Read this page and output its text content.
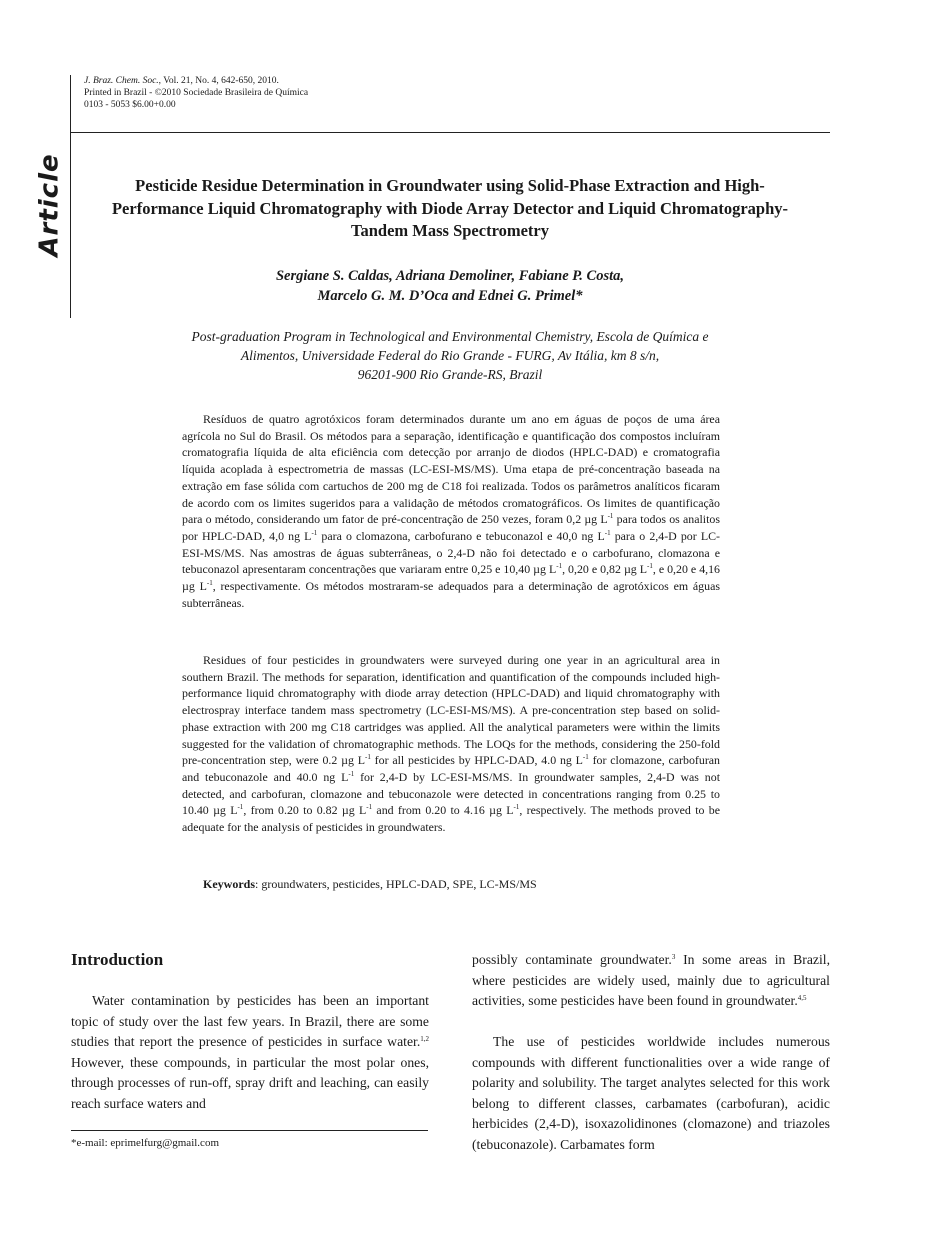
J. Braz. Chem. Soc., Vol. 21, No. 4, 642-650, 2010.
Printed in Brazil - ©2010 Sociedade Brasileira de Química
0103 - 5053 $6.00+0.00
Article	Pesticide Residue Determination in Groundwater using Solid-Phase Extraction and High-Performance Liquid Chromatography with Diode Array Detector and Liquid Chromatography-Tandem Mass Spectrometry
Sergiane S. Caldas, Adriana Demoliner, Fabiane P. Costa,
Marcelo G. M. D’Oca and Ednei G. Primel*
Post-graduation Program in Technological and Environmental Chemistry, Escola de Química e
Alimentos, Universidade Federal do Rio Grande - FURG, Av Itália, km 8 s/n,
96201-900 Rio Grande-RS, Brazil
Resíduos de quatro agrotóxicos foram determinados durante um ano em águas de poços de uma área agrícola no Sul do Brasil. Os métodos para a separação, identificação e quantificação dos compostos incluíram cromatografia líquida de alta eficiência com detecção por arranjo de diodos (HPLC-DAD) e cromatografia líquida acoplada à espectrometria de massas (LC-ESI-MS/MS). Uma etapa de pré-concentração baseada na extração em fase sólida com cartuchos de 200 mg de C18 foi realizada. Todos os parâmetros analíticos ficaram de acordo com os limites sugeridos para a validação de métodos cromatográficos. Os limites de quantificação para o método, considerando um fator de pré-concentração de 250 vezes, foram 0,2 µg $L^{-1}$ para todos os analitos por HPLC-DAD, 4,0 ng $L^{-1}$ para o clomazona, carbofurano e tebuconazol e 40,0 ng $L^{-1}$ para o 2,4-D por LC-ESI-MS/MS. Nas amostras de águas subterrâneas, o 2,4-D não foi detectado e o carbofurano, clomazona e tebuconazol apresentaram concentrações que variaram entre 0,25 e 10,40 µg $L^{-1}$, 0,20 e 0,82 µg $L^{-1}$, e 0,20 e 4,16 µg $L^{-1}$, respectivamente. Os métodos mostraram-se adequados para a determinação de agrotóxicos em águas subterrâneas.
Residues of four pesticides in groundwaters were surveyed during one year in an agricultural area in southern Brazil. The methods for separation, identification and quantification of the compounds included high-performance liquid chromatography with diode array detection (HPLC-DAD) and liquid chromatography with electrospray interface tandem mass spectrometry (LC-ESI-MS/MS). A pre-concentration step based on solid-phase extraction with 200 mg C18 cartridges was applied. All the analytical parameters were within the limits suggested for the validation of chromatographic methods. The LOQs for the methods, considering the 250-fold pre-concentration step, were 0.2 µg $L^{-1}$ for all pesticides by HPLC-DAD, 4.0 ng $L^{-1}$ for clomazone, carbofuran and tebuconazole and 40.0 ng $L^{-1}$ for 2,4-D by LC-ESI-MS/MS. In groundwater samples, 2,4-D was not detected, and carbofuran, clomazone and tebuconazole were detected in concentrations ranging from 0.25 to 10.40 µg $L^{-1}$, from 0.20 to 0.82 µg $L^{-1}$ and from 0.20 to 4.16 µg $L^{-1}$, respectively. The methods proved to be adequate for the analysis of pesticides in groundwaters.
Keywords: groundwaters, pesticides, HPLC-DAD, SPE, LC-MS/MS
Introduction
Water contamination by pesticides has been an important topic of study over the last few years. In Brazil, there are some studies that report the presence of pesticides in surface water.$^{1,2}$ However, these compounds, in particular the most polar ones, through processes of run-off, spray drift and leaching, can easily reach surface waters and
*e-mail: eprimelfurg@gmail.com
possibly contaminate groundwater.$^3$ In some areas in Brazil, where pesticides are widely used, mainly due to agricultural activities, some pesticides have been found in groundwater.$^{4,5}$
The use of pesticides worldwide includes numerous compounds with different functionalities over a wide range of polarity and solubility. The target analytes selected for this work belong to different classes, carbamates (carbofuran), acidic herbicides (2,4-D), isoxazolidinones (clomazone) and triazoles (tebuconazole). Carbamates form
